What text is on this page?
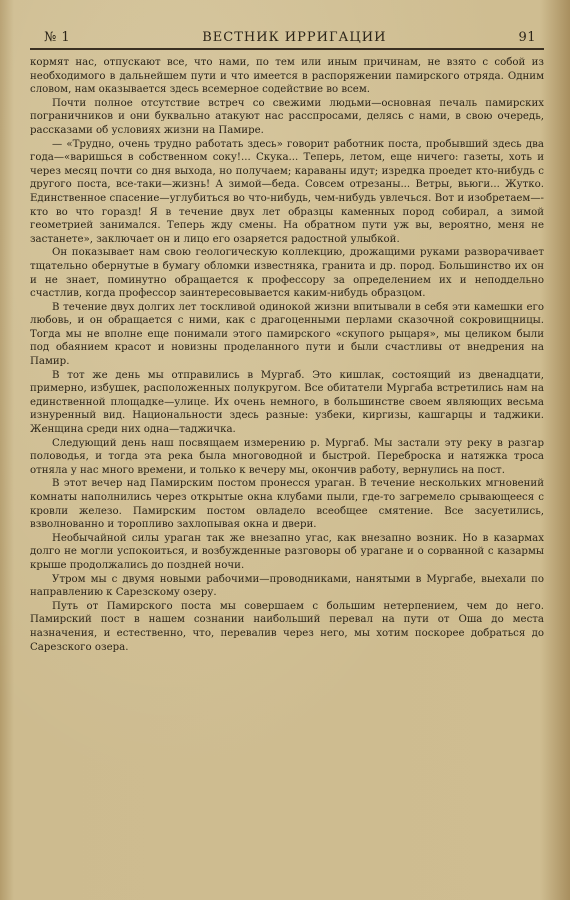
№ 1	ВЕСТНИК ИРРИГАЦИИ	91

кормят нас, отпускают все, что нами, по тем или иным причинам, не взято с собой из необходимого в дальнейшем пути и что имеется в распоряжении памирского отряда. Одним словом, нам оказывается здесь всемерное содействие во всем.

Почти полное отсутствие встреч со свежими людьми—основная печаль памирских пограничников и они буквально атакуют нас расспросами, делясь с нами, в свою очередь, рассказами об условиях жизни на Памире.

— «Трудно, очень трудно работать здесь» говорит работник поста, пробывший здесь два года—«варишься в собственном соку!... Скука... Теперь, летом, еще ничего: газеты, хоть и через месяц почти со дня выхода, но получаем; караваны идут; изредка проедет кто-нибудь с другого поста, все-таки—жизнь! А зимой—беда. Совсем отрезаны... Ветры, вьюги... Жутко. Единственное спасение—углубиться во что-нибудь, чем-нибудь увлечься. Вот и изобретаем—-кто во что горазд! Я в течение двух лет образцы каменных пород собирал, а зимой геометрией занимался. Теперь жду смены. На обратном пути уж вы, вероятно, меня не застанете», заключает он и лицо его озаряется радостной улыбкой.

Он показывает нам свою геологическую коллекцию, дрожащими руками разворачивает тщательно обернутые в бумагу обломки известняка, гранита и др. пород. Большинство их он и не знает, поминутно обращается к профессору за определением их и неподдельно счастлив, когда профессор заинтересовывается каким-нибудь образцом.

В течение двух долгих лет тоскливой одинокой жизни впитывали в себя эти камешки его любовь, и он обращается с ними, как с драгоценными перлами сказочной сокровищницы. Тогда мы не вполне еще понимали этого памирского «скупого рыцаря», мы целиком были под обаянием красот и новизны проделанного пути и были счастливы от внедрения на Памир.

В тот же день мы отправились в Мургаб. Это кишлак, состоящий из двенадцати, примерно, избушек, расположенных полукругом. Все обитатели Мургаба встретились нам на единственной площадке—улице. Их очень немного, в большинстве своем являющих весьма изнуренный вид. Национальности здесь разные: узбеки, киргизы, кашгарцы и таджики. Женщина среди них одна—таджичка.

Следующий день наш посвящаем измерению р. Мургаб. Мы застали эту реку в разгар половодья, и тогда эта река была многоводной и быстрой. Переброска и натяжка троса отняла у нас много времени, и только к вечеру мы, окончив работу, вернулись на пост.

В этот вечер над Памирским постом пронесся ураган. В течение нескольких мгновений комнаты наполнились через открытые окна клубами пыли, где-то загремело срывающееся с кровли железо. Памирским постом овладело всеобщее смятение. Все засуетились, взволнованно и торопливо захлопывая окна и двери.

Необычайной силы ураган так же внезапно угас, как внезапно возник. Но в казармах долго не могли успокоиться, и возбужденные разговоры об урагане и о сорванной с казармы крыше продолжались до поздней ночи.

Утром мы с двумя новыми рабочими—проводниками, нанятыми в Мургабе, выехали по направлению к Сарезскому озеру.

Путь от Памирского поста мы совершаем с большим нетерпением, чем до него. Памирский пост в нашем сознании наибольший перевал на пути от Оша до места назначения, и естественно, что, перевалив через него, мы хотим поскорее добраться до Сарезского озера.
